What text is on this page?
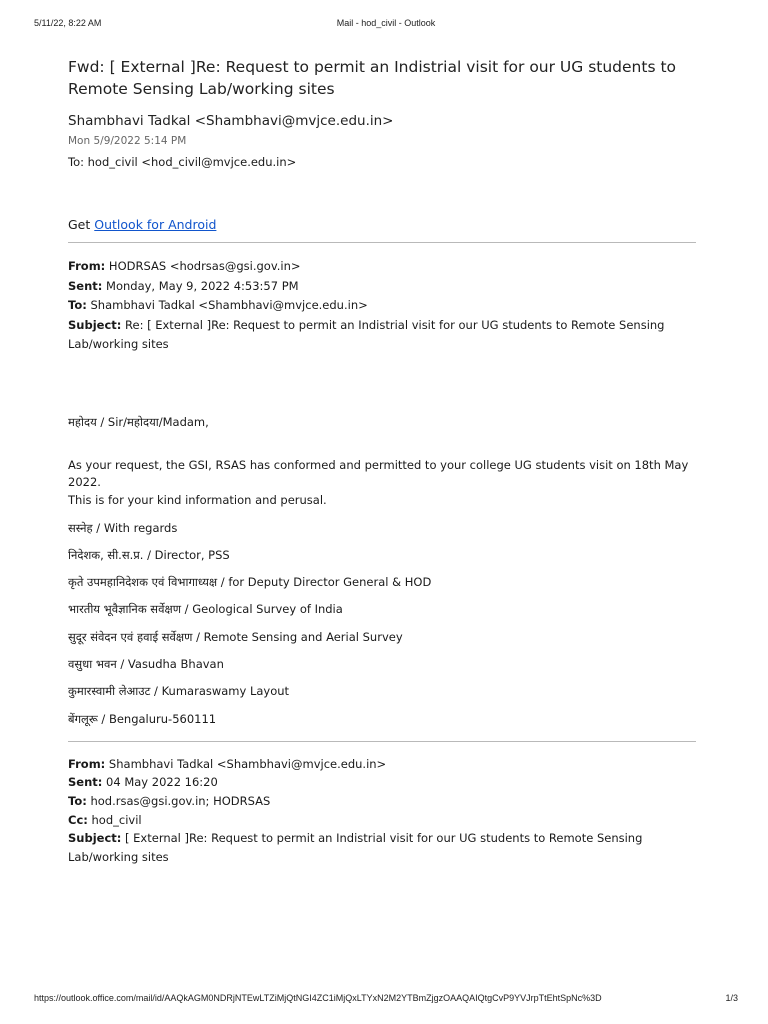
5/11/22, 8:22 AM	Mail - hod_civil - Outlook
Fwd: [ External ]Re: Request to permit an Indistrial visit for our UG students to Remote Sensing Lab/working sites
Shambhavi Tadkal <Shambhavi@mvjce.edu.in>
Mon 5/9/2022 5:14 PM
To: hod_civil <hod_civil@mvjce.edu.in>
Get Outlook for Android
From: HODRSAS <hodrsas@gsi.gov.in>
Sent: Monday, May 9, 2022 4:53:57 PM
To: Shambhavi Tadkal <Shambhavi@mvjce.edu.in>
Subject: Re: [ External ]Re: Request to permit an Indistrial visit for our UG students to Remote Sensing Lab/working sites
महोदय / Sir/महोदया/Madam,
As your request, the GSI, RSAS has conformed and permitted to your college UG students visit on 18th May 2022.
This is for your kind information and perusal.
सस्नेह / With regards
निदेशक, सी.स.प्र. / Director, PSS
कृते उपमहानिदेशक एवं विभागाध्यक्ष / for Deputy Director General & HOD
भारतीय भूवैज्ञानिक सर्वेक्षण / Geological Survey of India
सुदूर संवेदन एवं हवाई सर्वेक्षण / Remote Sensing and Aerial Survey
वसुधा भवन / Vasudha Bhavan
कुमारस्वामी लेआउट / Kumaraswamy Layout
बेंगलूरू / Bengaluru-560111
From: Shambhavi Tadkal <Shambhavi@mvjce.edu.in>
Sent: 04 May 2022 16:20
To: hod.rsas@gsi.gov.in; HODRSAS
Cc: hod_civil
Subject: [ External ]Re: Request to permit an Indistrial visit for our UG students to Remote Sensing Lab/working sites
https://outlook.office.com/mail/id/AAQkAGM0NDRjNTEwLTZiMjQtNGI4ZC1iMjQxLTYxN2M2YTBmZjgzOAAQAIQtgCvP9YVJrpTtEhtSpNc%3D	1/3
